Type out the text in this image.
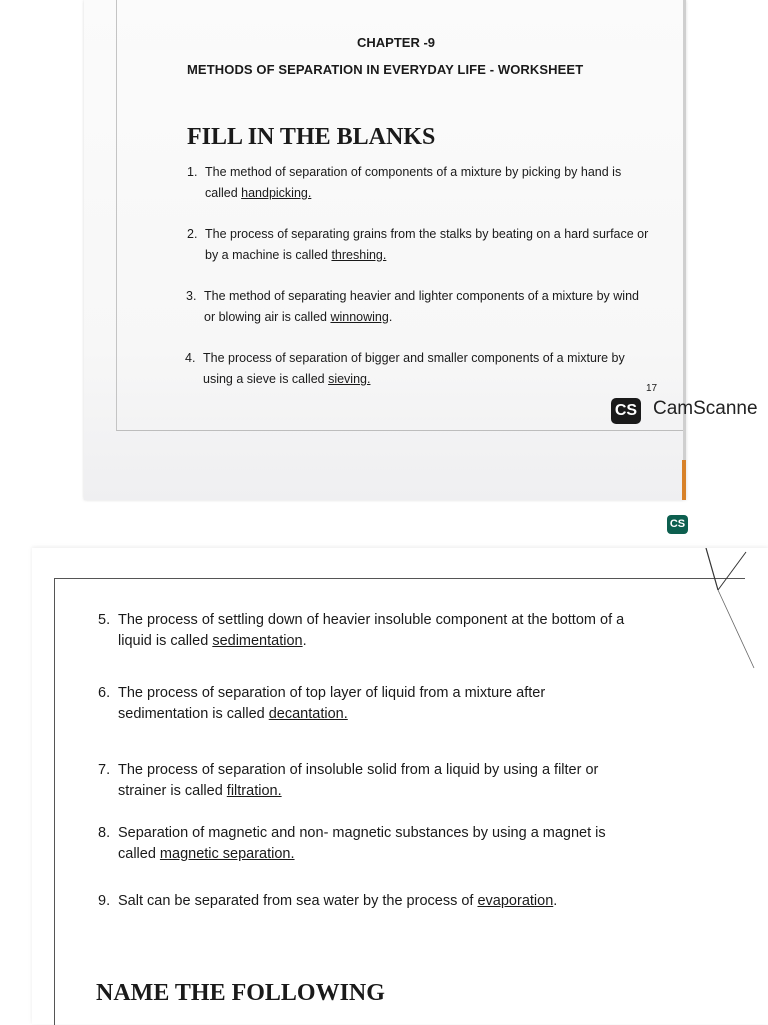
CHAPTER -9
METHODS OF SEPARATION IN EVERYDAY LIFE - WORKSHEET
FILL IN THE BLANKS
1. The method of separation of components of a mixture by picking by hand is
called handpicking.
2. The process of separating grains from the stalks by beating on a hard surface or
by a machine is called threshing.
3. The method of separating heavier and lighter components of a mixture by wind
or blowing air is called winnowing.
4. The process of separation of bigger and smaller components of a mixture by
using a sieve is called sieving.
17
CS CamScanne
CS
5. The process of settling down of heavier insoluble component at the bottom of a
liquid is called sedimentation.
6. The process of separation of top layer of liquid from a mixture after
sedimentation is called decantation.
7. The process of separation of insoluble solid from a liquid by using a filter or
strainer is called filtration.
8. Separation of magnetic and non- magnetic substances by using a magnet is
called magnetic separation.
9. Salt can be separated from sea water by the process of evaporation.
NAME THE FOLLOWING
